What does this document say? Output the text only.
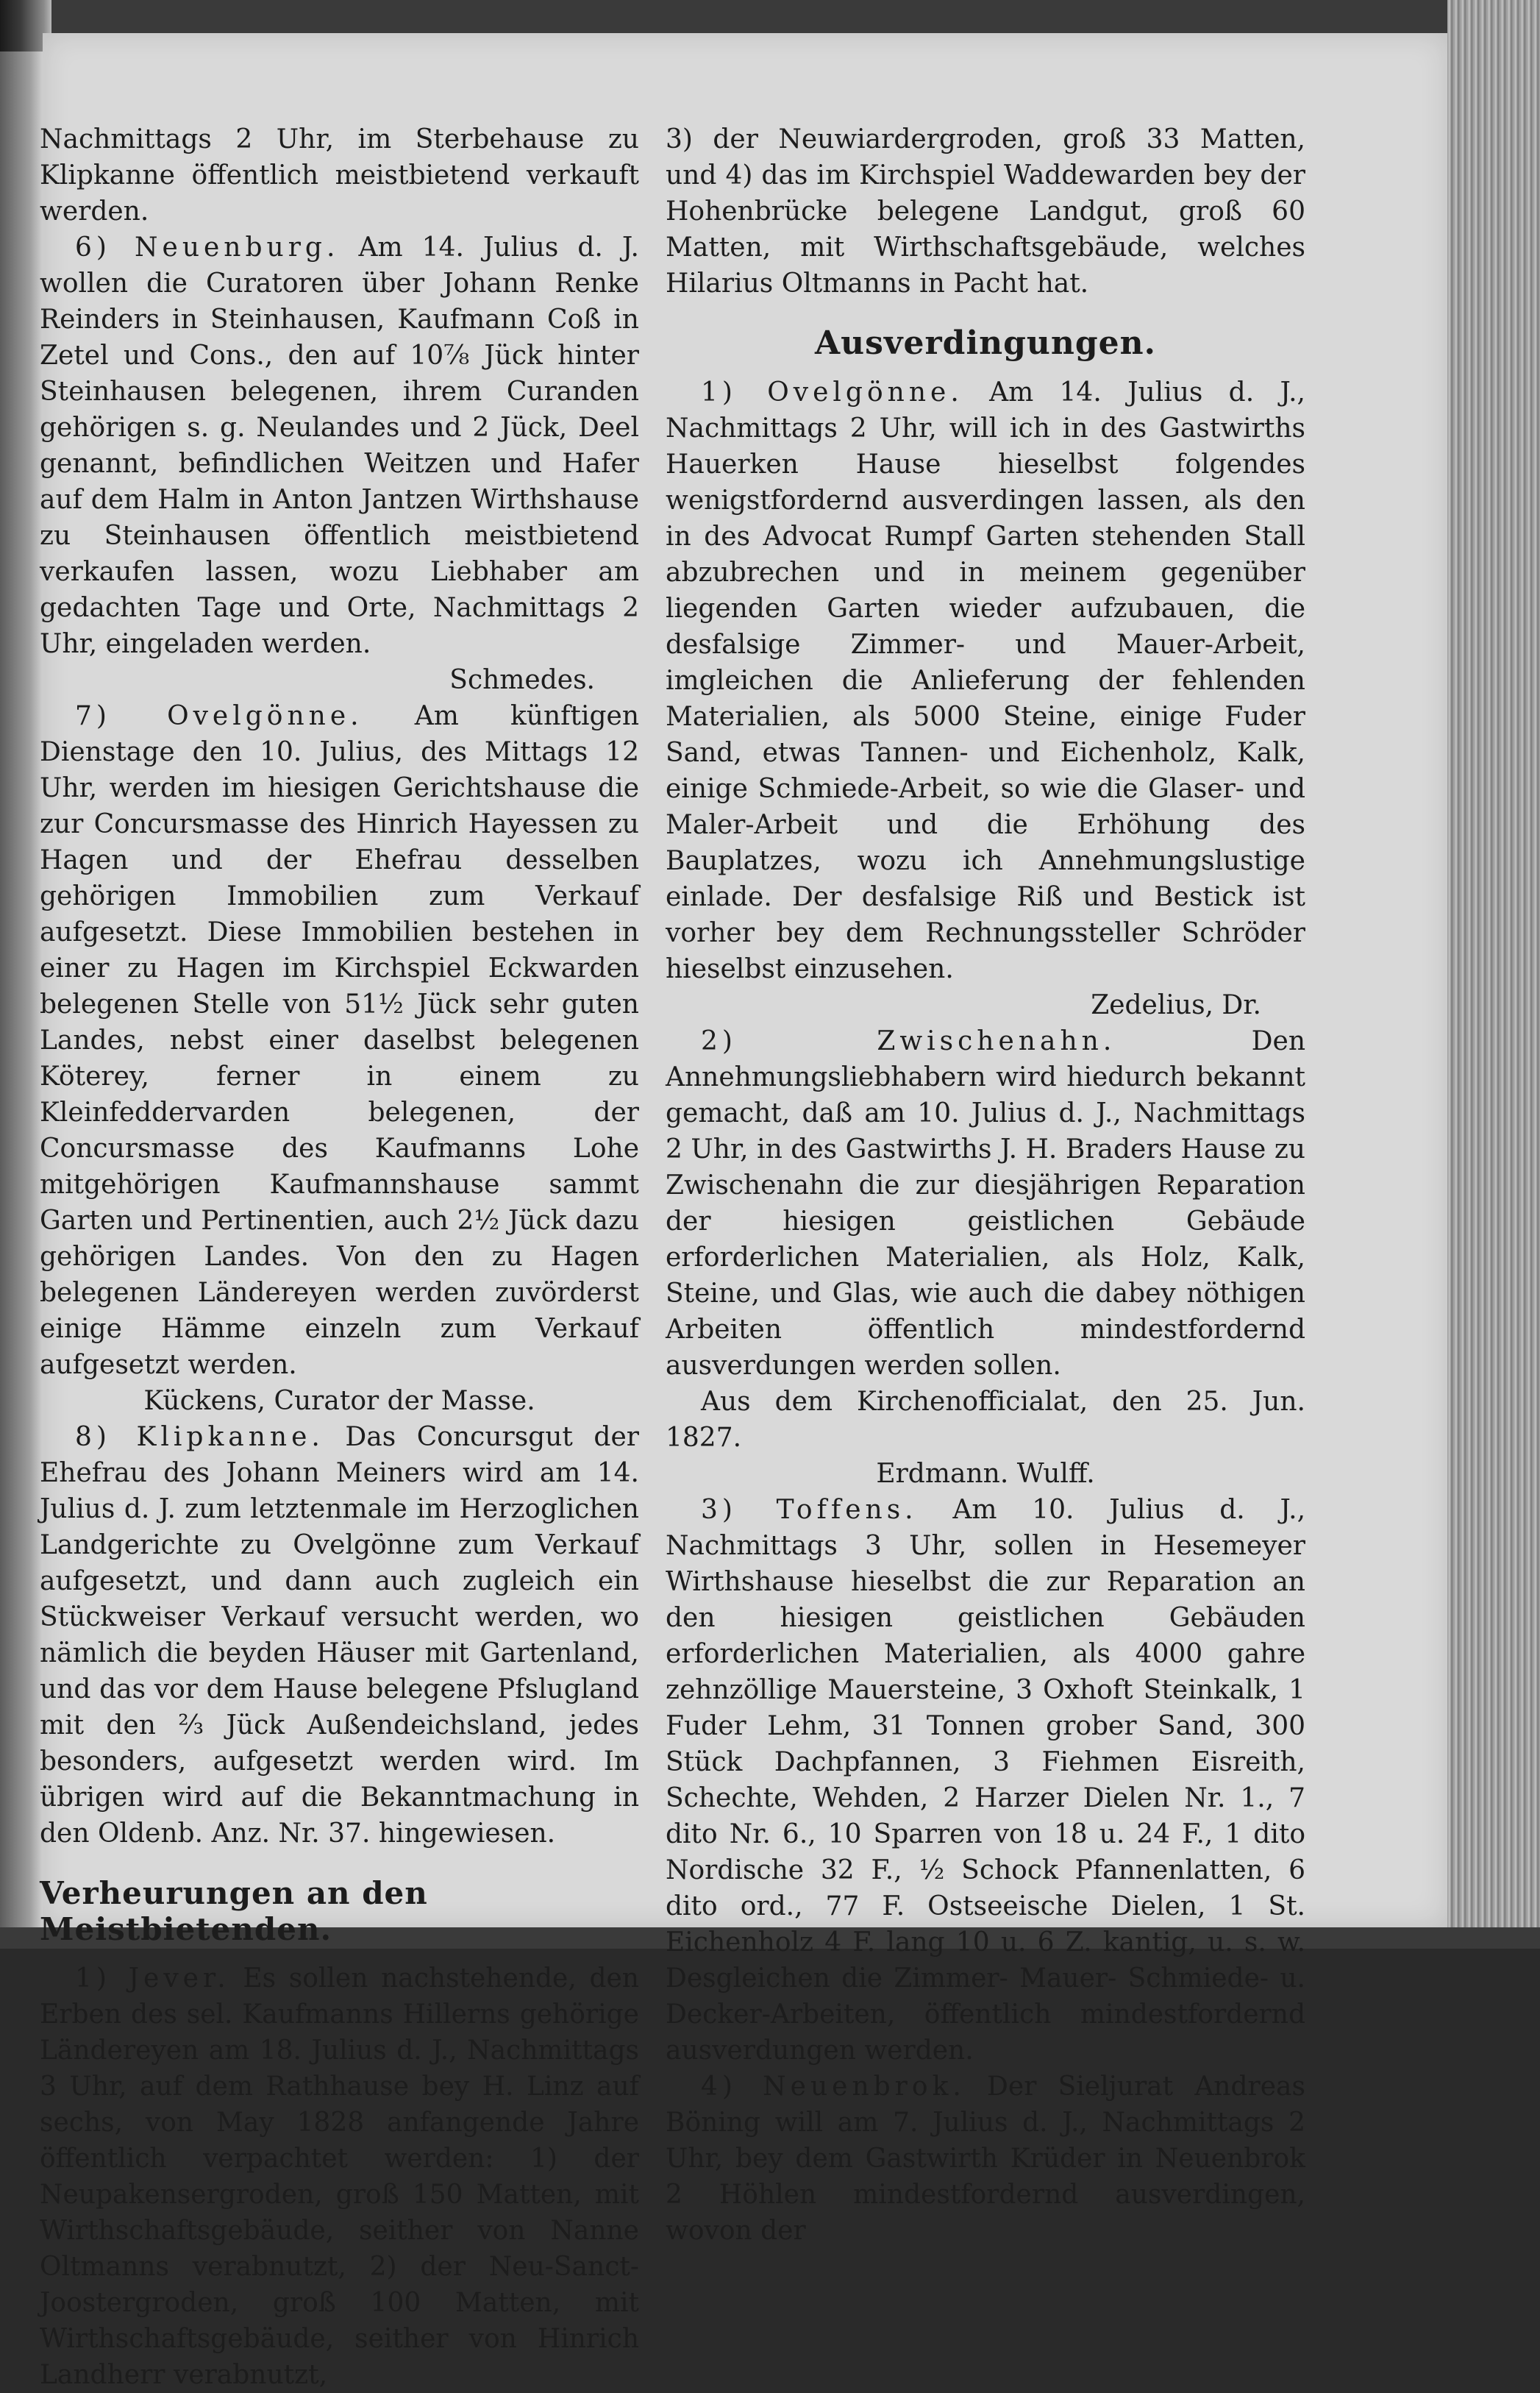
Nachmittags 2 Uhr, im Sterbehause zu Klipkanne öffentlich meistbietend verkauft werden.

6) Neuenburg. Am 14. Julius d. J. wollen die Curatoren über Johann Renke Reinders in Steinhausen, Kaufmann Coß in Zetel und Cons., den auf 10⅞ Jück hinter Steinhausen belegenen, ihrem Curanden gehörigen s. g. Neulandes und 2 Jück, Deel genannt, befindlichen Weitzen und Hafer auf dem Halm in Anton Jantzen Wirthshause zu Steinhausen öffentlich meistbietend verkaufen lassen, wozu Liebhaber am gedachten Tage und Orte, Nachmittags 2 Uhr, eingeladen werden.

Schmedes.

7) Ovelgönne. Am künftigen Dienstage den 10. Julius, des Mittags 12 Uhr, werden im hiesigen Gerichtshause die zur Concursmasse des Hinrich Hayessen zu Hagen und der Ehefrau desselben gehörigen Immobilien zum Verkauf aufgesetzt. Diese Immobilien bestehen in einer zu Hagen im Kirchspiel Eckwarden belegenen Stelle von 51½ Jück sehr guten Landes, nebst einer daselbst belegenen Köterey, ferner in einem zu Kleinfeddervarden belegenen, der Concursmasse des Kaufmanns Lohe mitgehörigen Kaufmannshause sammt Garten und Pertinentien, auch 2½ Jück dazu gehörigen Landes. Von den zu Hagen belegenen Ländereyen werden zuvörderst einige Hämme einzeln zum Verkauf aufgesetzt werden.

Kückens, Curator der Masse.

8) Klipkanne. Das Concursgut der Ehefrau des Johann Meiners wird am 14. Julius d. J. zum letztenmale im Herzoglichen Landgerichte zu Ovelgönne zum Verkauf aufgesetzt, und dann auch zugleich ein Stückweiser Verkauf versucht werden, wo nämlich die beyden Häuser mit Gartenland, und das vor dem Hause belegene Pfslugland mit den ⅔ Jück Außendeichsland, jedes besonders, aufgesetzt werden wird. Im übrigen wird auf die Bekanntmachung in den Oldenb. Anz. Nr. 37. hingewiesen.

Verheurungen an den Meistbietenden.

1) Jever. Es sollen nachstehende, den Erben des sel. Kaufmanns Hillerns gehörige Ländereyen am 18. Julius d. J., Nachmittags 3 Uhr, auf dem Rathhause bey H. Linz auf sechs, von May 1828 anfangende Jahre öffentlich verpachtet werden: 1) der Neupakensergroden, groß 150 Matten, mit Wirthschaftsgebäude, seither von Nanne Oltmanns verabnutzt, 2) der Neu-Sanct-Joostergroden, groß 100 Matten, mit Wirthschaftsgebäude, seither von Hinrich Landherr verabnutzt,

3) der Neuwiardergroden, groß 33 Matten, und 4) das im Kirchspiel Waddewarden bey der Hohenbrücke belegene Landgut, groß 60 Matten, mit Wirthschaftsgebäude, welches Hilarius Oltmanns in Pacht hat.

Ausverdingungen.

1) Ovelgönne. Am 14. Julius d. J., Nachmittags 2 Uhr, will ich in des Gastwirths Hauerken Hause hieselbst folgendes wenigstfordernd ausverdingen lassen, als den in des Advocat Rumpf Garten stehenden Stall abzubrechen und in meinem gegenüber liegenden Garten wieder aufzubauen, die desfalsige Zimmer- und Mauer-Arbeit, imgleichen die Anlieferung der fehlenden Materialien, als 5000 Steine, einige Fuder Sand, etwas Tannen- und Eichenholz, Kalk, einige Schmiede-Arbeit, so wie die Glaser- und Maler-Arbeit und die Erhöhung des Bauplatzes, wozu ich Annehmungslustige einlade. Der desfalsige Riß und Bestick ist vorher bey dem Rechnungssteller Schröder hieselbst einzusehen.

Zedelius, Dr.

2) Zwischenahn. Den Annehmungsliebhabern wird hiedurch bekannt gemacht, daß am 10. Julius d. J., Nachmittags 2 Uhr, in des Gastwirths J. H. Braders Hause zu Zwischenahn die zur diesjährigen Reparation der hiesigen geistlichen Gebäude erforderlichen Materialien, als Holz, Kalk, Steine, und Glas, wie auch die dabey nöthigen Arbeiten öffentlich mindestfordernd ausverdungen werden sollen.

Aus dem Kirchenofficialat, den 25. Jun. 1827.

Erdmann. Wulff.

3) Toffens. Am 10. Julius d. J., Nachmittags 3 Uhr, sollen in Hesemeyer Wirthshause hieselbst die zur Reparation an den hiesigen geistlichen Gebäuden erforderlichen Materialien, als 4000 gahre zehnzöllige Mauersteine, 3 Oxhoft Steinkalk, 1 Fuder Lehm, 31 Tonnen grober Sand, 300 Stück Dachpfannen, 3 Fiehmen Eisreith, Schechte, Wehden, 2 Harzer Dielen Nr. 1., 7 dito Nr. 6., 10 Sparren von 18 u. 24 F., 1 dito Nordische 32 F., ½ Schock Pfannenlatten, 6 dito ord., 77 F. Ostseeische Dielen, 1 St. Eichenholz 4 F. lang 10 u. 6 Z. kantig, u. s. w. Desgleichen die Zimmer- Mauer- Schmiede- u. Decker-Arbeiten, öffentlich mindestfordernd ausverdungen werden.

4) Neuenbrok. Der Sieljurat Andreas Böning will am 7. Julius d. J., Nachmittags 2 Uhr, bey dem Gastwirth Krüder in Neuenbrok 2 Höhlen mindestfordernd ausverdingen, wovon der
